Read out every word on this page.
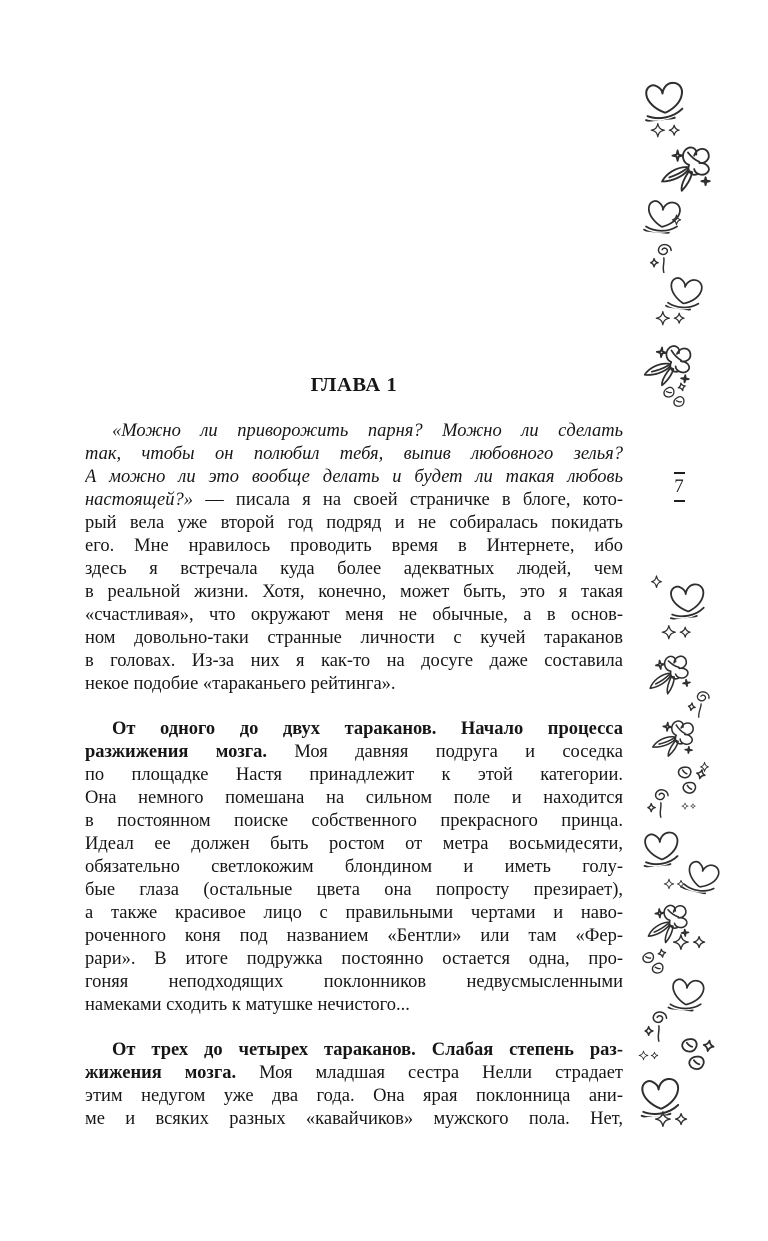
ГЛАВА 1
«Можно ли приворожить парня? Можно ли сделать
так, чтобы он полюбил тебя, выпив любовного зелья?
А можно ли это вообще делать и будет ли такая любовь
настоящей?» — писала я на своей страничке в блоге, кото-
рый вела уже второй год подряд и не собиралась покидать
его. Мне нравилось проводить время в Интернете, ибо
здесь я встречала куда более адекватных людей, чем
в реальной жизни. Хотя, конечно, может быть, это я такая
«счастливая», что окружают меня не обычные, а в основ-
ном довольно-таки странные личности с кучей тараканов
в головах. Из-за них я как-то на досуге даже составила
некое подобие «тараканьего рейтинга».
От одного до двух тараканов. Начало процесса
разжижения мозга. Моя давняя подруга и соседка
по площадке Настя принадлежит к этой категории.
Она немного помешана на сильном поле и находится
в постоянном поиске собственного прекрасного принца.
Идеал ее должен быть ростом от метра восьмидесяти,
обязательно светлокожим блондином и иметь голу-
бые глаза (остальные цвета она попросту презирает),
а также красивое лицо с правильными чертами и наво-
роченного коня под названием «Бентли» или там «Фер-
рари». В итоге подружка постоянно остается одна, про-
гоняя неподходящих поклонников недвусмысленными
намеками сходить к матушке нечистого...
От трех до четырех тараканов. Слабая степень раз-
жижения мозга. Моя младшая сестра Нелли страдает
этим недугом уже два года. Она ярая поклонница ани-
ме и всяких разных «кавайчиков» мужского пола. Нет,
7
